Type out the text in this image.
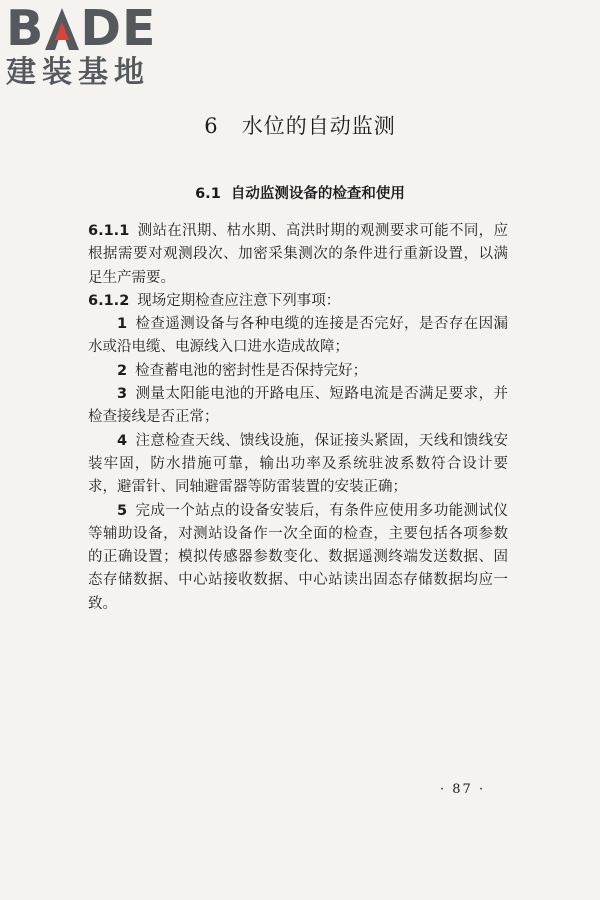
B DE
建装基地
6 水位的自动监测
6.1 自动监测设备的检查和使用

6.1.1 测站在汛期、枯水期、高洪时期的观测要求可能不同，应根据需要对观测段次、加密采集测次的条件进行重新设置，以满足生产需要。

6.1.2 现场定期检查应注意下列事项：

1 检查遥测设备与各种电缆的连接是否完好，是否存在因漏水或沿电缆、电源线入口进水造成故障；

2 检查蓄电池的密封性是否保持完好；

3 测量太阳能电池的开路电压、短路电流是否满足要求，并检查接线是否正常；

4 注意检查天线、馈线设施，保证接头紧固，天线和馈线安装牢固，防水措施可靠，输出功率及系统驻波系数符合设计要求，避雷针、同轴避雷器等防雷装置的安装正确；

5 完成一个站点的设备安装后，有条件应使用多功能测试仪等辅助设备，对测站设备作一次全面的检查，主要包括各项参数的正确设置；模拟传感器参数变化、数据遥测终端发送数据、固态存储数据、中心站接收数据、中心站读出固态存储数据均应一致。

· 87 ·
